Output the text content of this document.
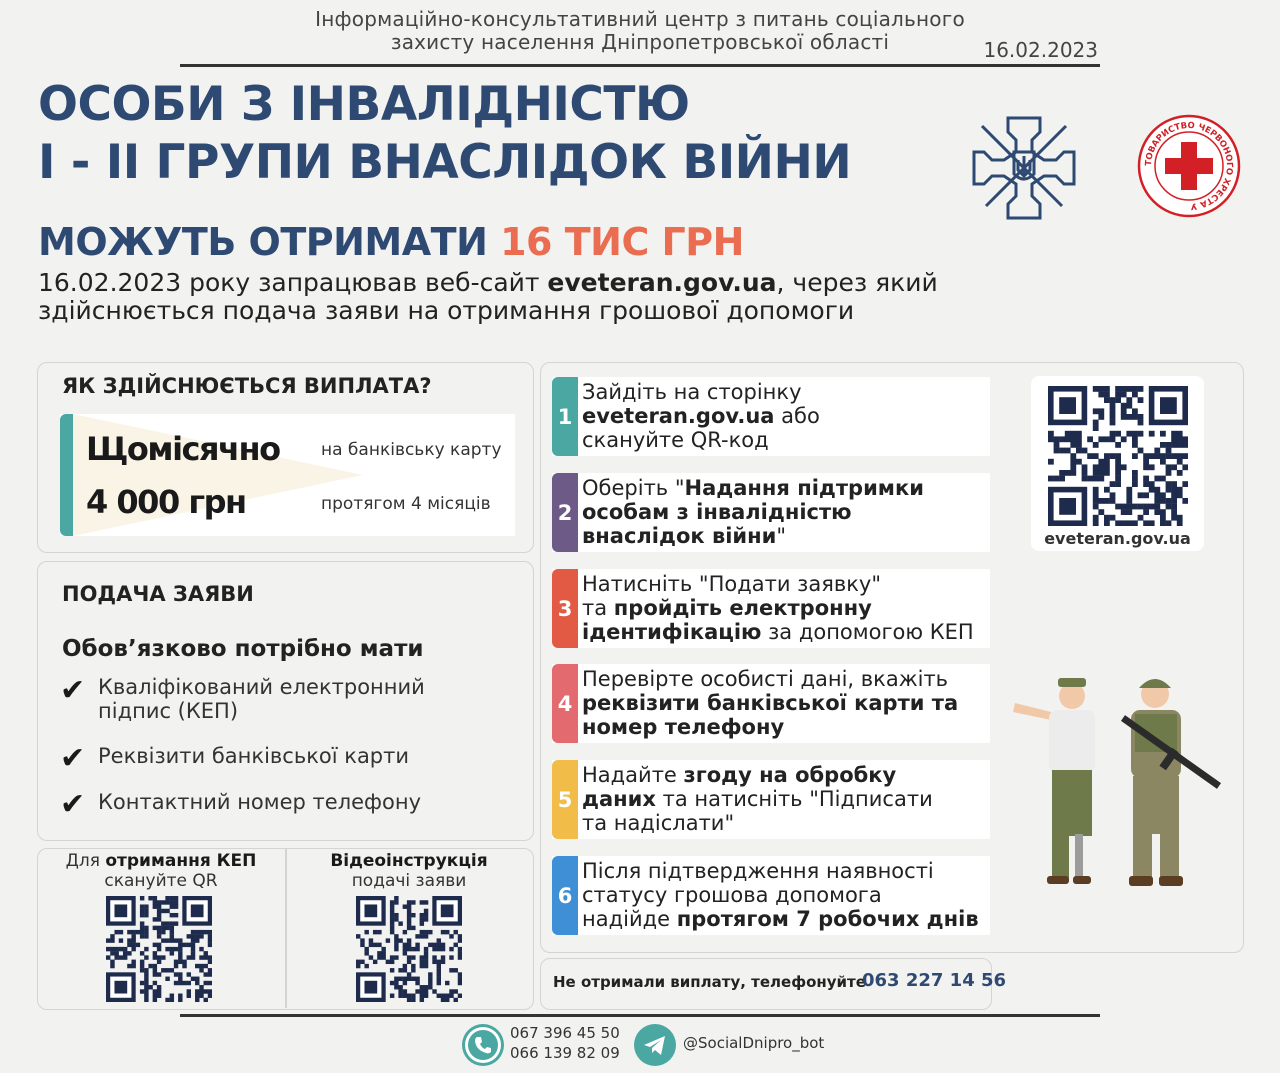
Інформаційно-консультативний центр з питань соціального
захисту населення Дніпропетровської області	16.02.2023
ОСОБИ З ІНВАЛІДНІСТЮ
І - ІІ ГРУПИ ВНАСЛІДОК ВІЙНИ	ТОВАРИСТВО ЧЕРВОНОГО ХРЕСТА У
МОЖУТЬ ОТРИМАТИ 16 ТИС ГРН
16.02.2023 року запрацював веб-сайт eveteran.gov.ua, через який здійснюється подача заяви на отримання грошової допомоги
ЯК ЗДІЙСНЮЄТЬСЯ ВИПЛАТА?
Щомісячно
4 000 грн
на банківську карту
протягом 4 місяців
ПОДАЧА ЗАЯВИ
Обов’язково потрібно мати
✔ Кваліфікований електронний
підпис (КЕП)
✔ Реквізити банківської карти
✔ Контактний номер телефону
Для отримання КЕП
скануйте QR
Відеоінструкція
подачі заяви
1
Зайдіть на сторінку
eveteran.gov.ua або
скануйте QR-код
2
Оберіть "Надання підтримки
особам з інвалідністю
внаслідок війни"
3
Натисніть "Подати заявку"
та пройдіть електронну
ідентифікацію за допомогою КЕП
4
Перевірте особисті дані, вкажіть
реквізити банківської карти та
номер телефону
5
Надайте згоду на обробку
даних та натисніть "Підписати
та надіслати"
6
Після підтвердження наявності
статусу грошова допомога
надійде протягом 7 робочих днів
eveteran.gov.ua
Не отримали виплату, телефонуйте
063 227 14 56
067 396 45 50
066 139 82 09
@SocialDnipro_bot
